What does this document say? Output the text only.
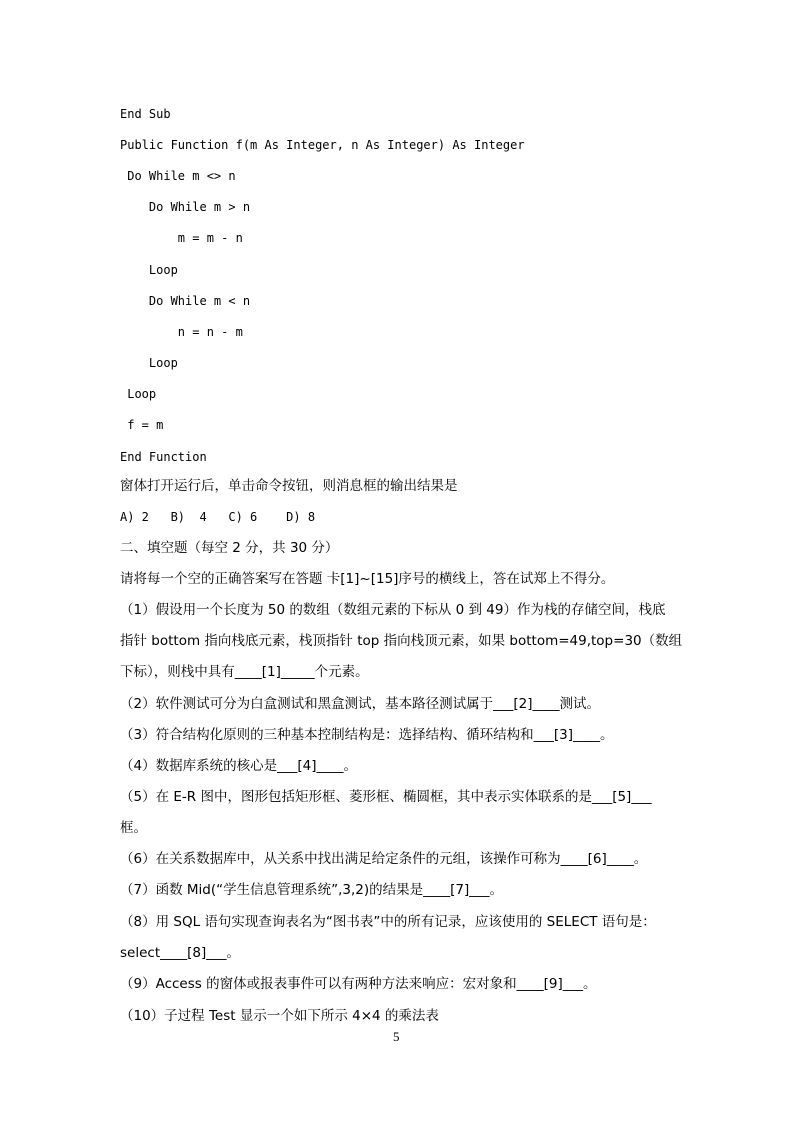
End Sub
Public Function f(m As Integer, n As Integer) As Integer
Do While m <> n
Do While m > n
m = m - n
Loop
Do While m < n
n = n - m
Loop
Loop
f = m
End Function
窗体打开运行后，单击命令按钮，则消息框的输出结果是
A) 2   B)  4   C) 6    D) 8
二、填空题（每空 2 分，共 30 分）
请将每一个空的正确答案写在答题 卡[1]~[15]序号的横线上，答在试郑上不得分。
（1）假设用一个长度为 50 的数组（数组元素的下标从 0 到 49）作为栈的存储空间，栈底
指针 bottom 指向栈底元素，栈顶指针 top 指向栈顶元素，如果 bottom=49,top=30（数组
下标），则栈中具有____[1]_____个元素。
（2）软件测试可分为白盒测试和黑盒测试，基本路径测试属于___[2]____测试。
（3）符合结构化原则的三种基本控制结构是：选择结构、循环结构和___[3]____。
（4）数据库系统的核心是___[4]____。
（5）在 E-R 图中，图形包括矩形框、菱形框、椭圆框，其中表示实体联系的是___[5]___
框。
（6）在关系数据库中，从关系中找出满足给定条件的元组，该操作可称为____[6]____。
（7）函数 Mid(“学生信息管理系统”,3,2)的结果是____[7]___。
（8）用 SQL 语句实现查询表名为“图书表”中的所有记录，应该使用的 SELECT 语句是：
select____[8]___。
（9）Access 的窗体或报表事件可以有两种方法来响应：宏对象和____[9]___。
（10）子过程 Test 显示一个如下所示 4×4 的乘法表
5
